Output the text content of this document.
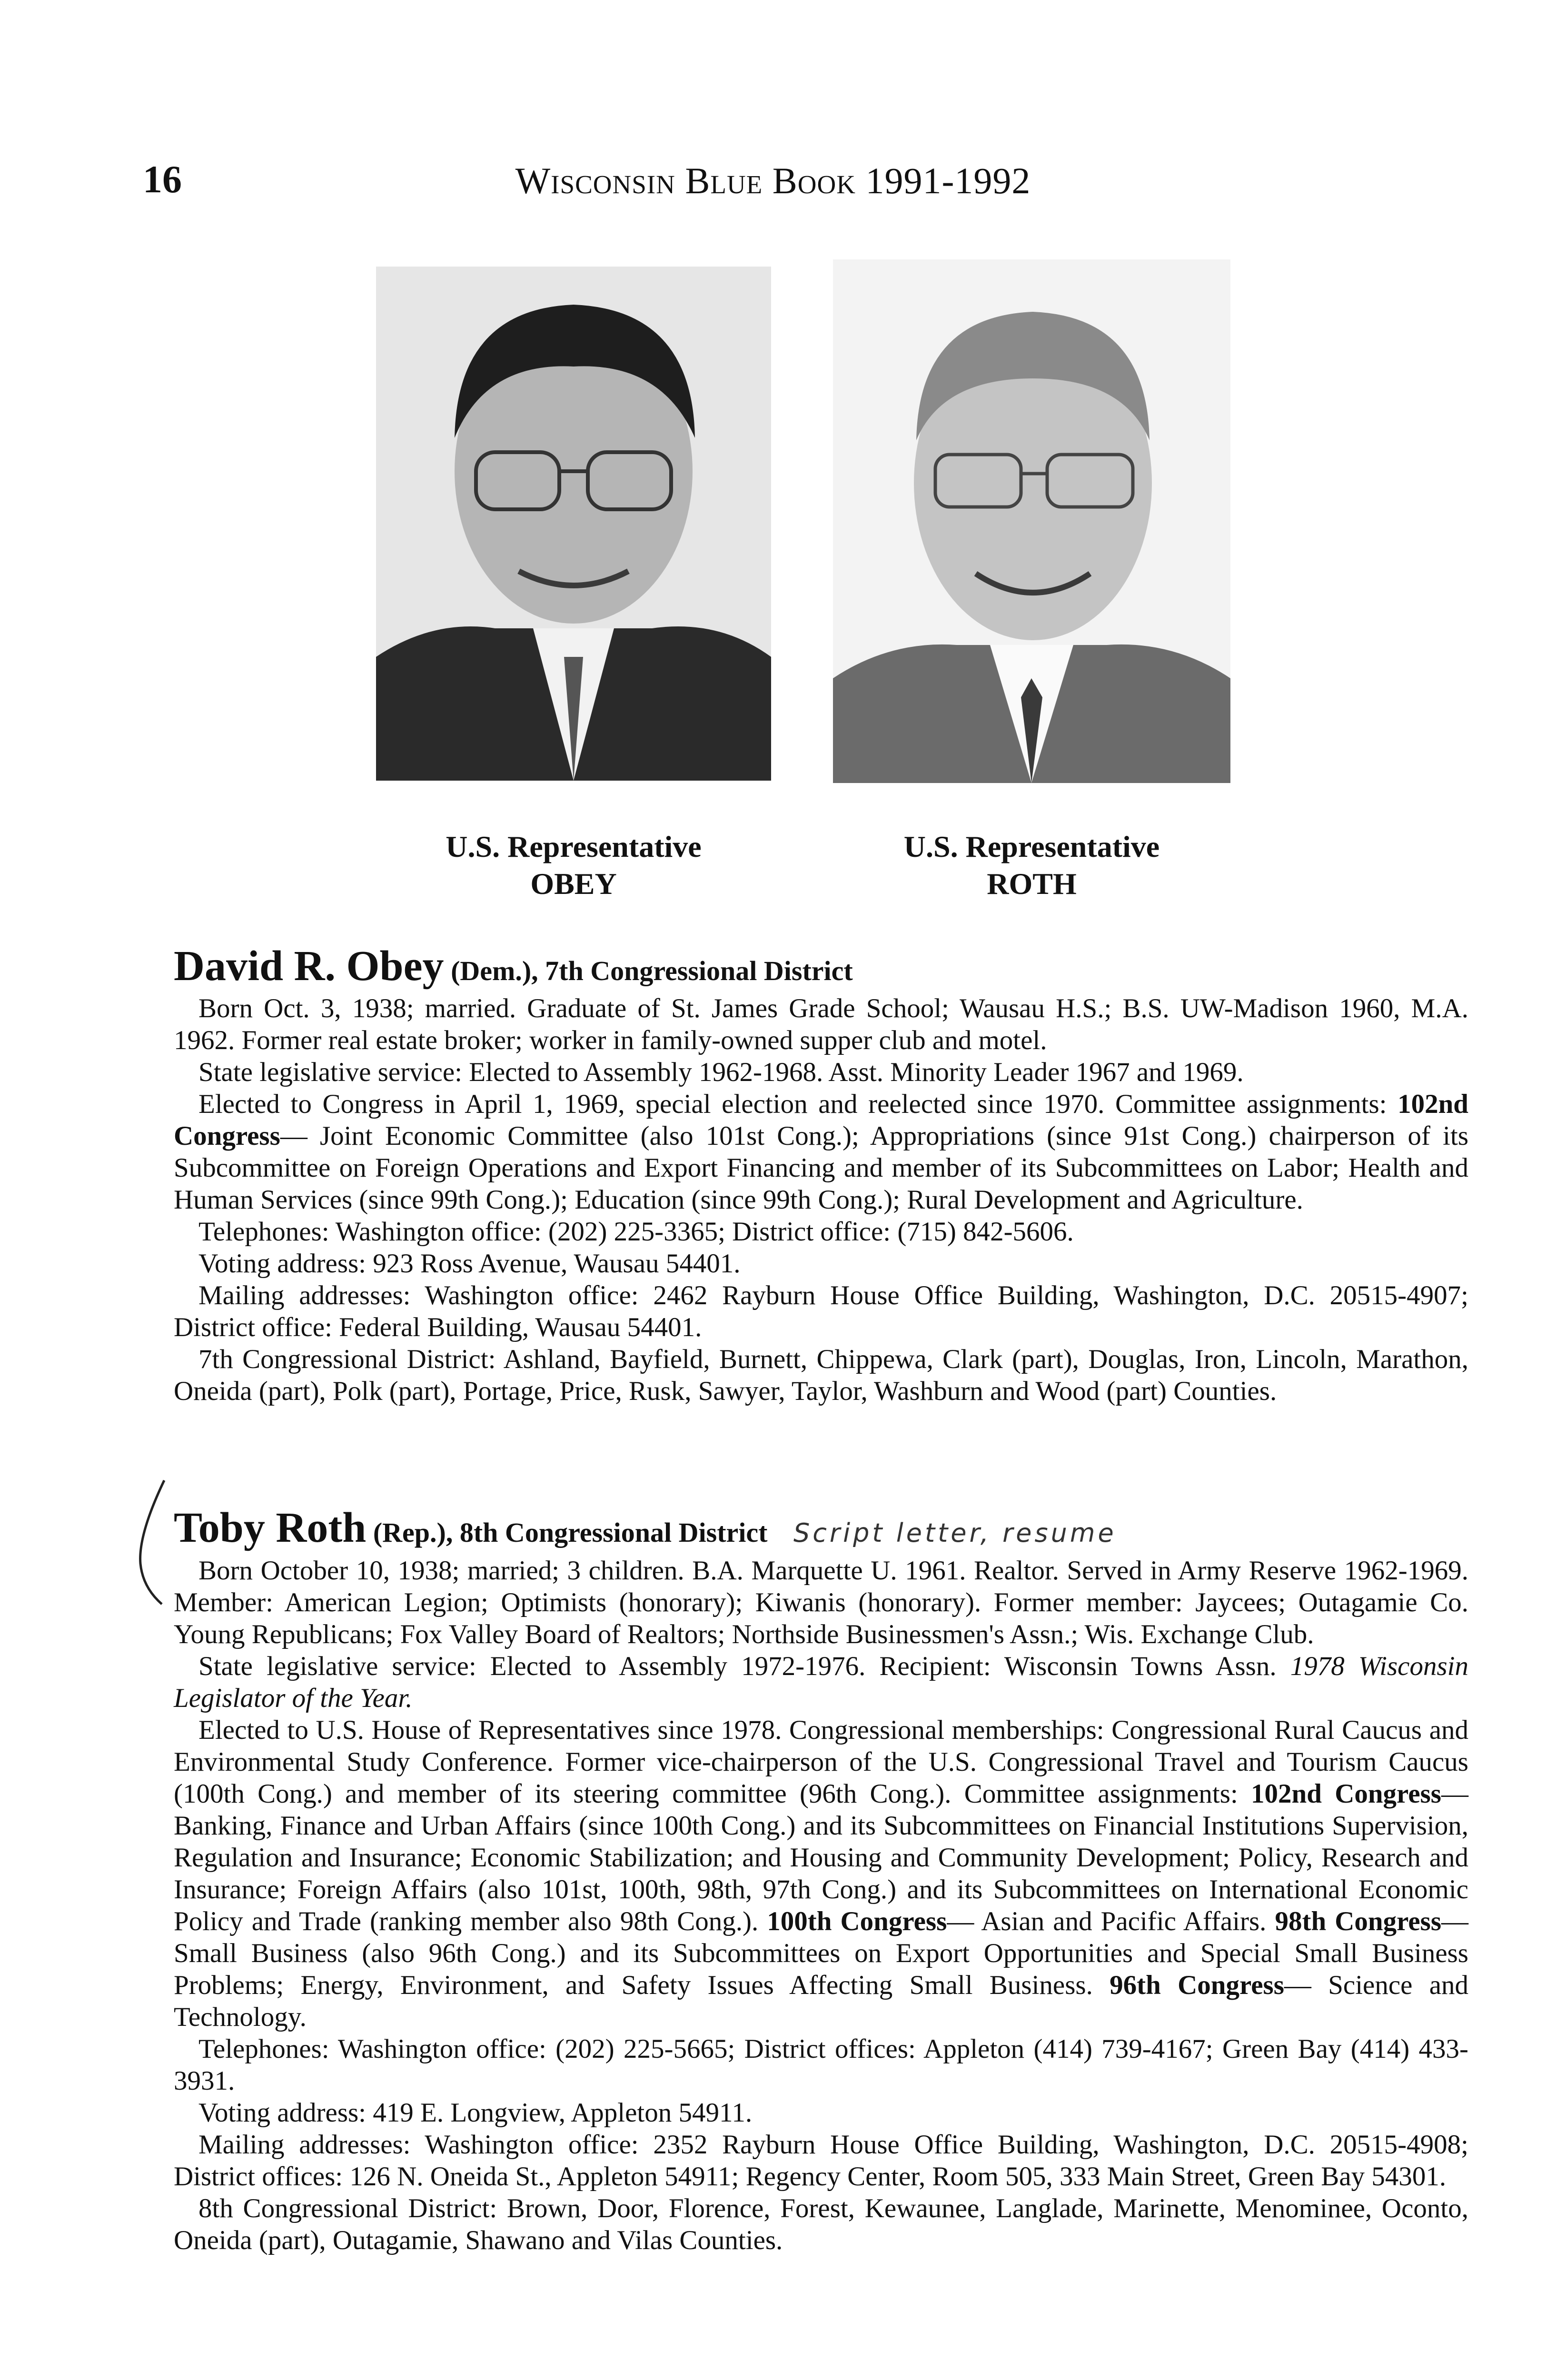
16	Wisconsin Blue Book 1991-1992
U.S. Representative
OBEY
U.S. Representative
ROTH
David R. Obey (Dem.), 7th Congressional District

Born Oct. 3, 1938; married. Graduate of St. James Grade School; Wausau H.S.; B.S. UW-Madison 1960, M.A. 1962. Former real estate broker; worker in family-owned supper club and motel.

State legislative service: Elected to Assembly 1962-1968. Asst. Minority Leader 1967 and 1969.

Elected to Congress in April 1, 1969, special election and reelected since 1970. Committee assignments: 102nd Congress— Joint Economic Committee (also 101st Cong.); Appropriations (since 91st Cong.) chairperson of its Subcommittee on Foreign Operations and Export Financing and member of its Subcommittees on Labor; Health and Human Services (since 99th Cong.); Education (since 99th Cong.); Rural Development and Agriculture.

Telephones: Washington office: (202) 225-3365; District office: (715) 842-5606.

Voting address: 923 Ross Avenue, Wausau 54401.

Mailing addresses: Washington office: 2462 Rayburn House Office Building, Washington, D.C. 20515-4907; District office: Federal Building, Wausau 54401.

7th Congressional District: Ashland, Bayfield, Burnett, Chippewa, Clark (part), Douglas, Iron, Lincoln, Marathon, Oneida (part), Polk (part), Portage, Price, Rusk, Sawyer, Taylor, Washburn and Wood (part) Counties.

Toby Roth (Rep.), 8th Congressional District Script letter, resume

Born October 10, 1938; married; 3 children. B.A. Marquette U. 1961. Realtor. Served in Army Reserve 1962-1969. Member: American Legion; Optimists (honorary); Kiwanis (honorary). Former member: Jaycees; Outagamie Co. Young Republicans; Fox Valley Board of Realtors; Northside Businessmen's Assn.; Wis. Exchange Club.

State legislative service: Elected to Assembly 1972-1976. Recipient: Wisconsin Towns Assn. 1978 Wisconsin Legislator of the Year.

Elected to U.S. House of Representatives since 1978. Congressional memberships: Congressional Rural Caucus and Environmental Study Conference. Former vice-chairperson of the U.S. Congressional Travel and Tourism Caucus (100th Cong.) and member of its steering committee (96th Cong.). Committee assignments: 102nd Congress— Banking, Finance and Urban Affairs (since 100th Cong.) and its Subcommittees on Financial Institutions Supervision, Regulation and Insurance; Economic Stabilization; and Housing and Community Development; Policy, Research and Insurance; Foreign Affairs (also 101st, 100th, 98th, 97th Cong.) and its Subcommittees on International Economic Policy and Trade (ranking member also 98th Cong.). 100th Congress— Asian and Pacific Affairs. 98th Congress— Small Business (also 96th Cong.) and its Subcommittees on Export Opportunities and Special Small Business Problems; Energy, Environment, and Safety Issues Affecting Small Business. 96th Congress— Science and Technology.

Telephones: Washington office: (202) 225-5665; District offices: Appleton (414) 739-4167; Green Bay (414) 433-3931.

Voting address: 419 E. Longview, Appleton 54911.

Mailing addresses: Washington office: 2352 Rayburn House Office Building, Washington, D.C. 20515-4908; District offices: 126 N. Oneida St., Appleton 54911; Regency Center, Room 505, 333 Main Street, Green Bay 54301.

8th Congressional District: Brown, Door, Florence, Forest, Kewaunee, Langlade, Marinette, Menominee, Oconto, Oneida (part), Outagamie, Shawano and Vilas Counties.
